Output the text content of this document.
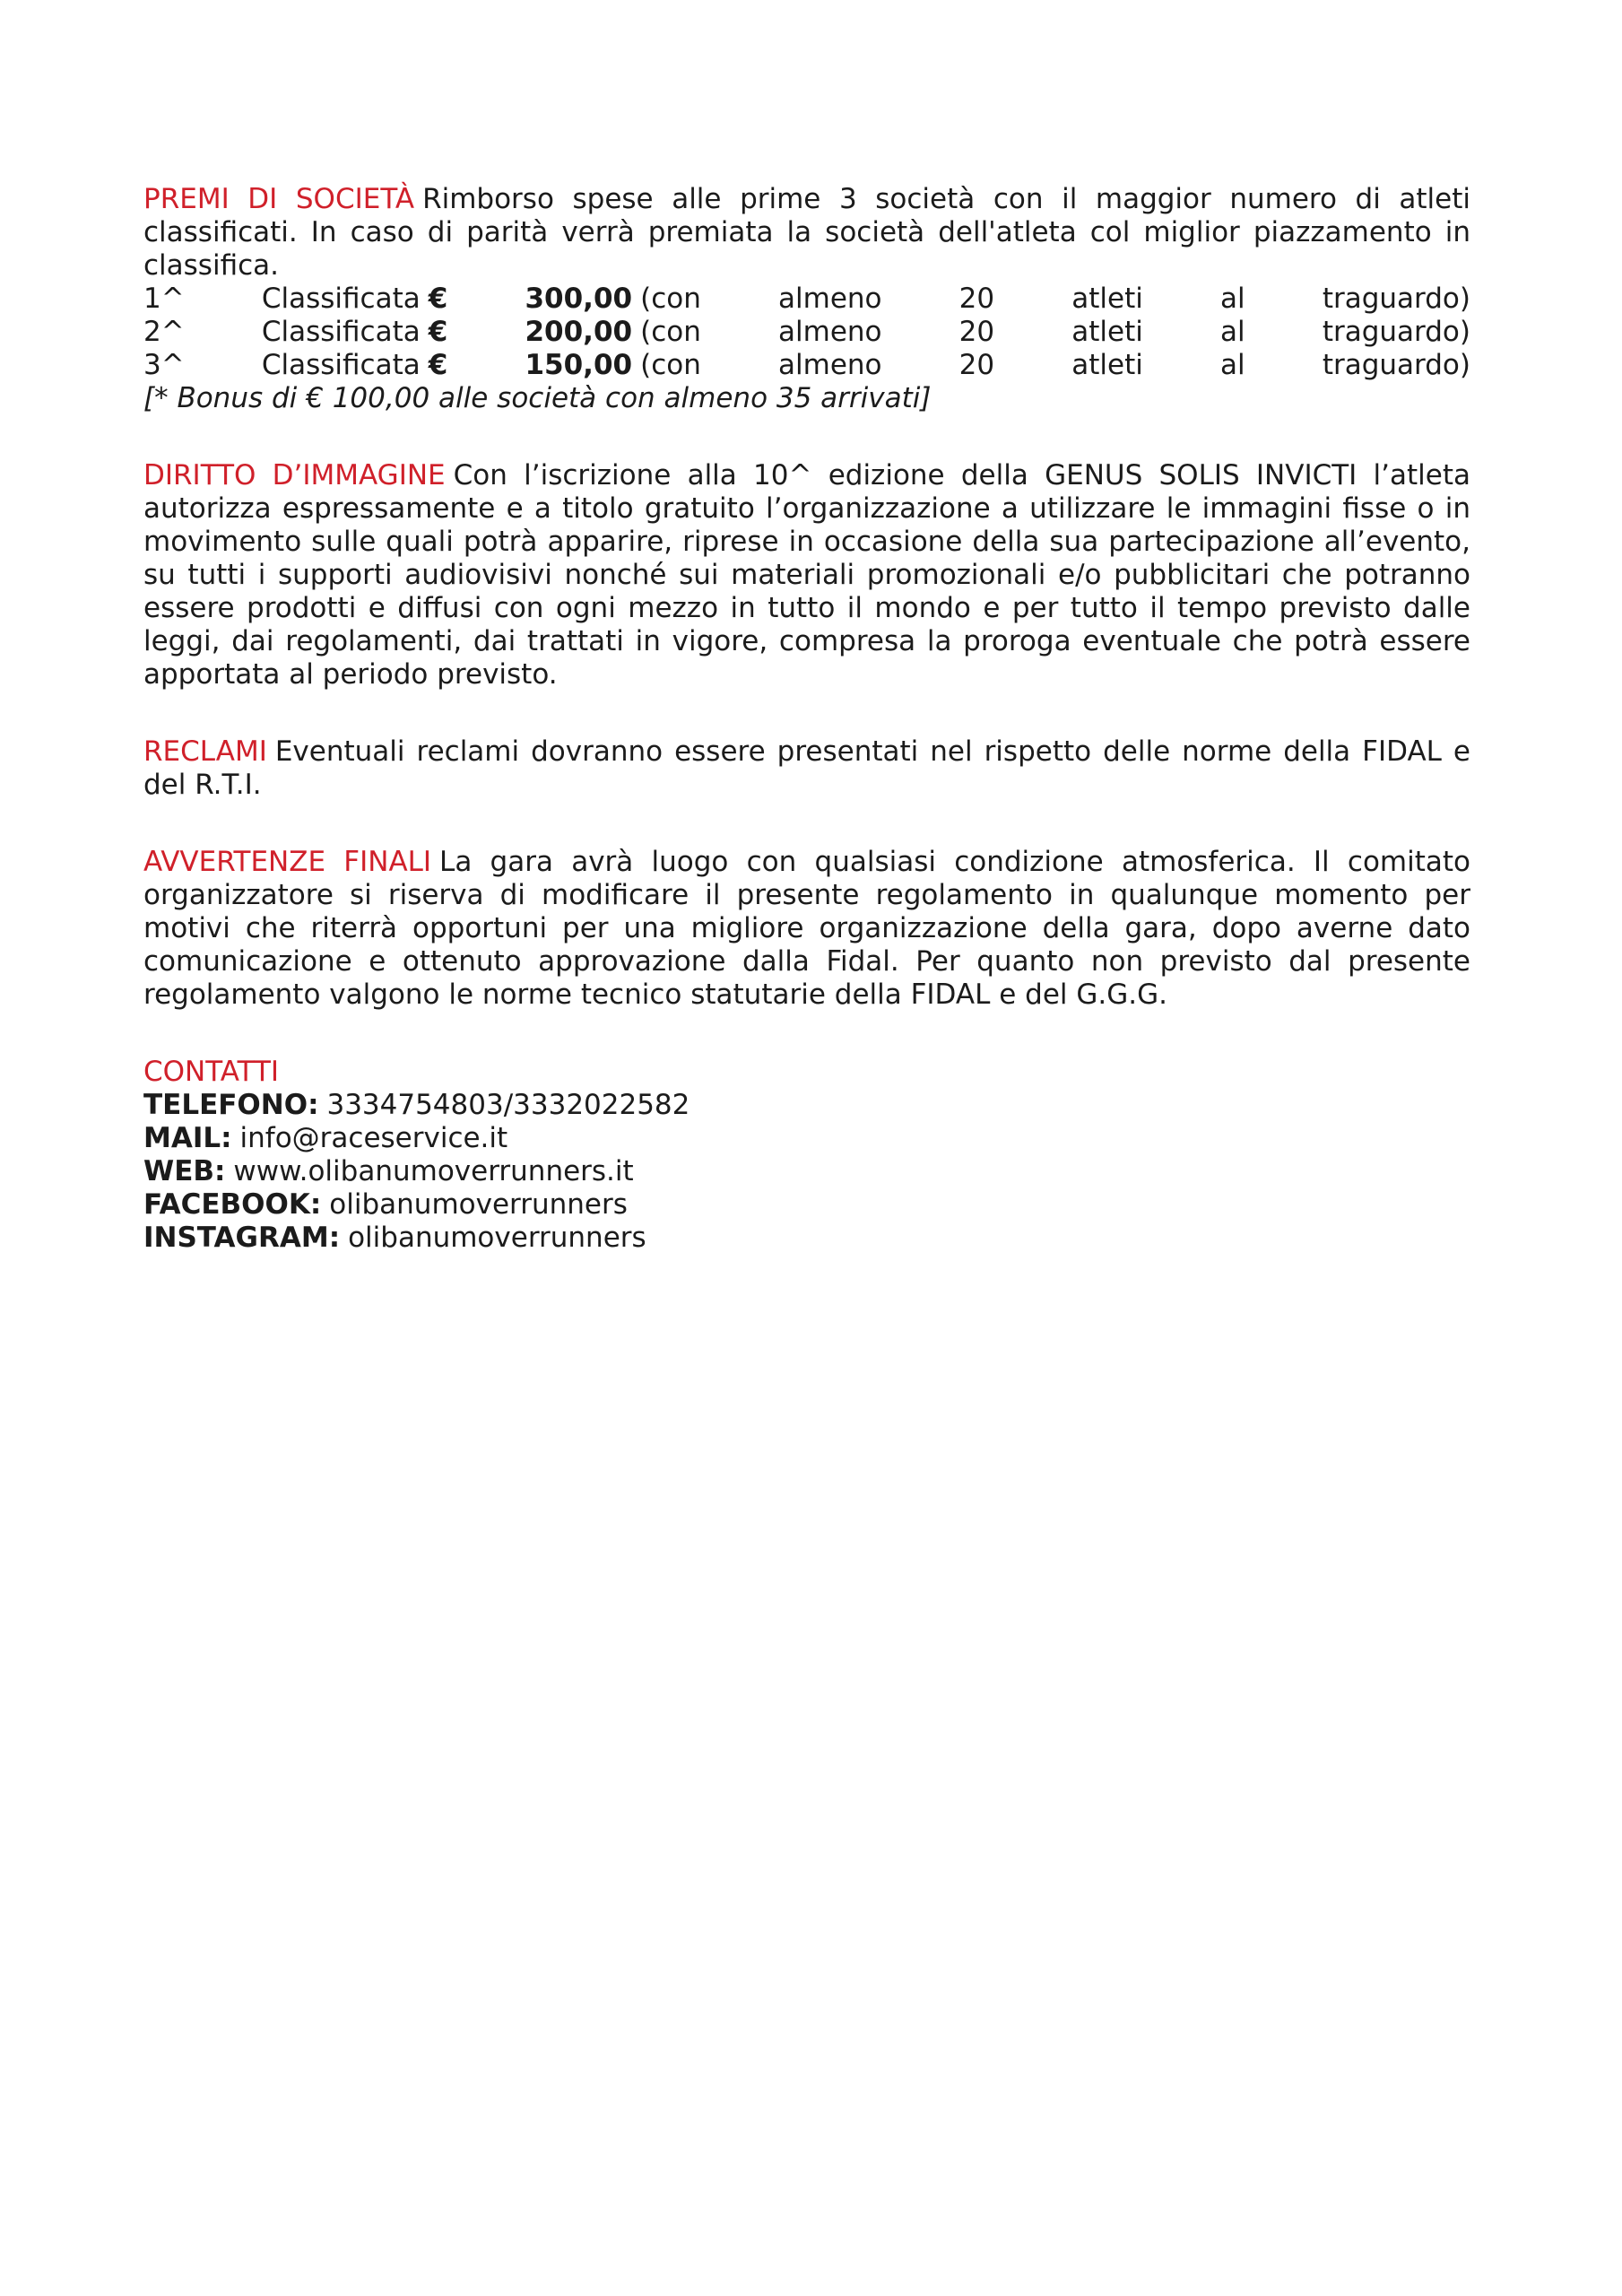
PREMI DI SOCIETÀ Rimborso spese alle prime 3 società con il maggior numero di atleti classificati. In caso di parità verrà premiata la società dell'atleta col miglior piazzamento in classifica.

1^	Classificata €	300,00 (con	almeno	20	atleti	al	traguardo)
2^	Classificata €	200,00 (con	almeno	20	atleti	al	traguardo)
3^	Classificata €	150,00 (con	almeno	20	atleti	al	traguardo)
[* Bonus di € 100,00 alle società con almeno 35 arrivati]

DIRITTO D’IMMAGINE Con l’iscrizione alla 10^ edizione della GENUS SOLIS INVICTI l’atleta autorizza espressamente e a titolo gratuito l’organizzazione a utilizzare le immagini fisse o in movimento sulle quali potrà apparire, riprese in occasione della sua partecipazione all’evento, su tutti i supporti audiovisivi nonché sui materiali promozionali e/o pubblicitari che potranno essere prodotti e diffusi con ogni mezzo in tutto il mondo e per tutto il tempo previsto dalle leggi, dai regolamenti, dai trattati in vigore, compresa la proroga eventuale che potrà essere apportata al periodo previsto.

RECLAMI Eventuali reclami dovranno essere presentati nel rispetto delle norme della FIDAL e del R.T.I.

AVVERTENZE FINALI La gara avrà luogo con qualsiasi condizione atmosferica. Il comitato organizzatore si riserva di modificare il presente regolamento in qualunque momento per motivi che riterrà opportuni per una migliore organizzazione della gara, dopo averne dato comunicazione e ottenuto approvazione dalla Fidal. Per quanto non previsto dal presente regolamento valgono le norme tecnico statutarie della FIDAL e del G.G.G.

CONTATTI
TELEFONO: 3334754803/3332022582
MAIL: info@raceservice.it
WEB: www.olibanumoverrunners.it
FACEBOOK: olibanumoverrunners
INSTAGRAM: olibanumoverrunners
